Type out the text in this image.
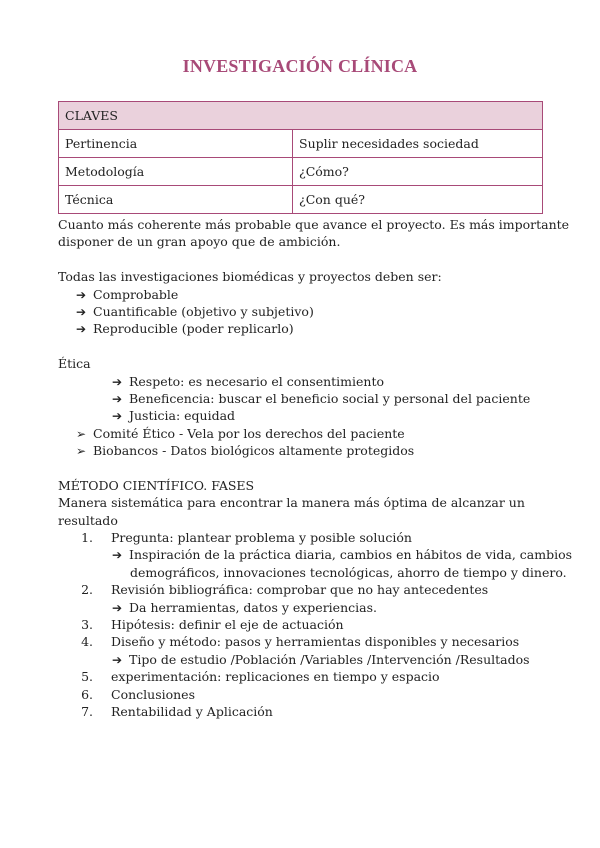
INVESTIGACIÓN CLÍNICA
CLAVES	
Pertinencia	Suplir necesidades sociedad
Metodología	¿Cómo?
Técnica	¿Con qué?
Cuanto más coherente más probable que avance el proyecto. Es más importante
disponer de un gran apoyo que de ambición.
Todas las investigaciones biomédicas y proyectos deben ser:
➔ Comprobable
➔ Cuantificable (objetivo y subjetivo)
➔ Reproducible (poder replicarlo)
Ética
➔ Respeto: es necesario el consentimiento
➔ Beneficencia: buscar el beneficio social y personal del paciente
➔ Justicia: equidad
➢ Comité Ético - Vela por los derechos del paciente
➢ Biobancos - Datos biológicos altamente protegidos
MÉTODO CIENTÍFICO. FASES
Manera sistemática para encontrar la manera más óptima de alcanzar un
resultado
1. Pregunta: plantear problema y posible solución
➔ Inspiración de la práctica diaria, cambios en hábitos de vida, cambios
demográficos, innovaciones tecnológicas, ahorro de tiempo y dinero.
2. Revisión bibliográfica: comprobar que no hay antecedentes
➔ Da herramientas, datos y experiencias.
3. Hipótesis: definir el eje de actuación
4. Diseño y método: pasos y herramientas disponibles y necesarios
➔ Tipo de estudio /Población /Variables /Intervención /Resultados
5. experimentación: replicaciones en tiempo y espacio
6. Conclusiones
7. Rentabilidad y Aplicación
